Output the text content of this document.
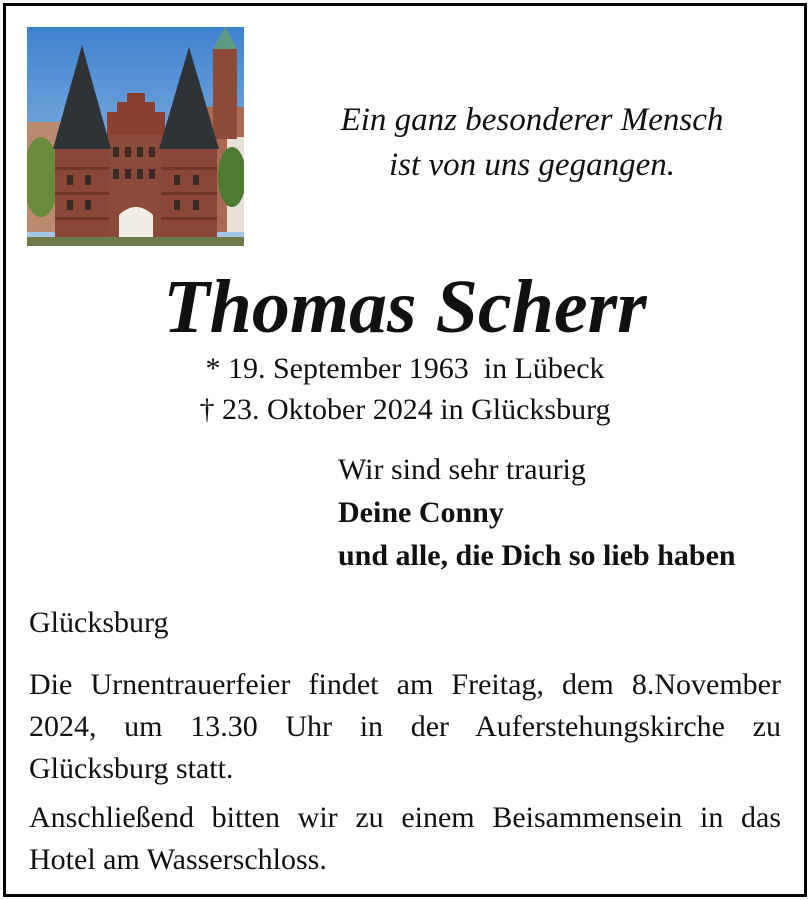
Ein ganz besonderer Mensch
ist von uns gegangen.
Thomas Scherr
* 19. September 1963  in Lübeck
† 23. Oktober 2024 in Glücksburg
Wir sind sehr traurig
Deine Conny
und alle, die Dich so lieb haben
Glücksburg
Die Urnentrauerfeier findet am Freitag, dem 8.November 2024, um 13.30 Uhr in der Auferstehungskirche zu Glücksburg statt.
Anschließend bitten wir zu einem Beisammensein in das Hotel am Wasserschloss.
